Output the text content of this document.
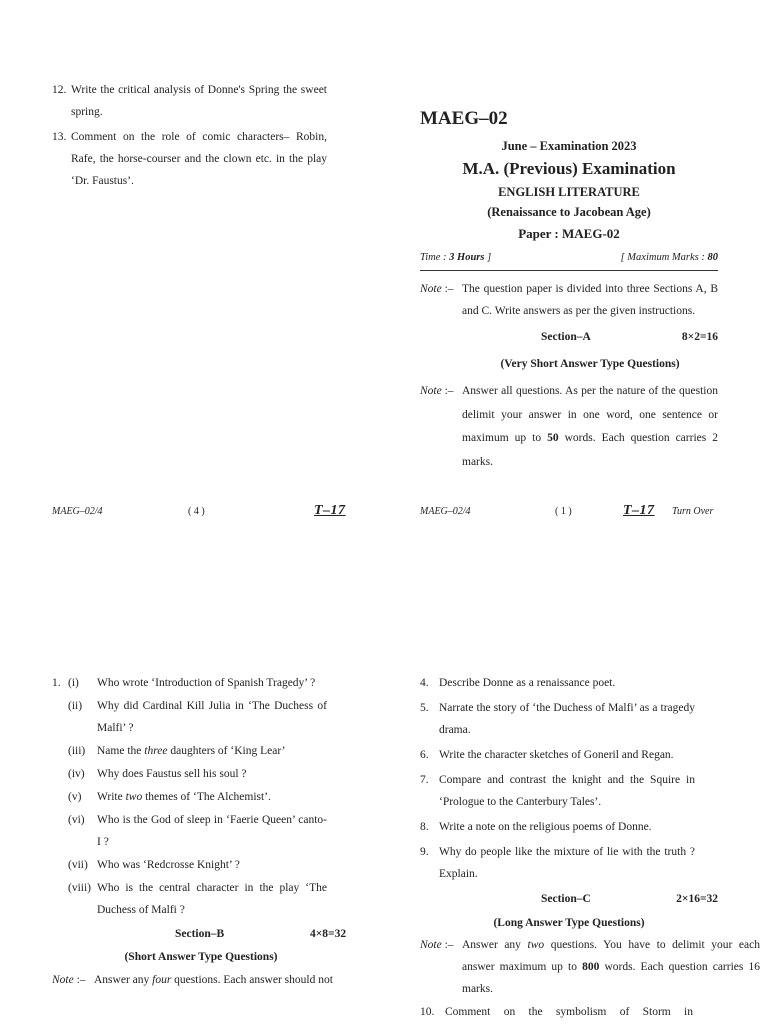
12. Write the critical analysis of Donne's Spring the sweet spring.
13. Comment on the role of comic characters– Robin, Rafe, the horse-courser and the clown etc. in the play ‘Dr. Faustus’.
MAEG–02/4	( 4 )	T–17
MAEG–02
June – Examination 2023
M.A. (Previous) Examination
ENGLISH LITERATURE
(Renaissance to Jacobean Age)
Paper : MAEG-02
Time : 3 Hours ]	[ Maximum Marks : 80
Note :– The question paper is divided into three Sections A, B and C. Write answers as per the given instructions.
Section–A	8×2=16
(Very Short Answer Type Questions)
Note :– Answer all questions. As per the nature of the question delimit your answer in one word, one sentence or maximum up to 50 words. Each question carries 2 marks.
MAEG–02/4	( 1 )	T–17 Turn Over
1. (i) Who wrote ‘Introduction of Spanish Tragedy’ ?
(ii) Why did Cardinal Kill Julia in ‘The Duchess of Malfi’ ?
(iii) Name the three daughters of ‘King Lear’
(iv) Why does Faustus sell his soul ?
(v) Write two themes of ‘The Alchemist’.
(vi) Who is the God of sleep in ‘Faerie Queen’ canto-I ?
(vii) Who was ‘Redcrosse Knight’ ?
(viii) Who is the central character in the play ‘The Duchess of Malfi ?
Section–B	4×8=32
(Short Answer Type Questions)
Note :– Answer any four questions. Each answer should not
4. Describe Donne as a renaissance poet.
5. Narrate the story of ‘the Duchess of Malfi’ as a tragedy drama.
6. Write the character sketches of Goneril and Regan.
7. Compare and contrast the knight and the Squire in ‘Prologue to the Canterbury Tales’.
8. Write a note on the religious poems of Donne.
9. Why do people like the mixture of lie with the truth ? Explain.
Section–C	2×16=32
(Long Answer Type Questions)
Note :– Answer any two questions. You have to delimit your each answer maximum up to 800 words. Each question carries 16 marks.
10. Comment on the symbolism of Storm in
